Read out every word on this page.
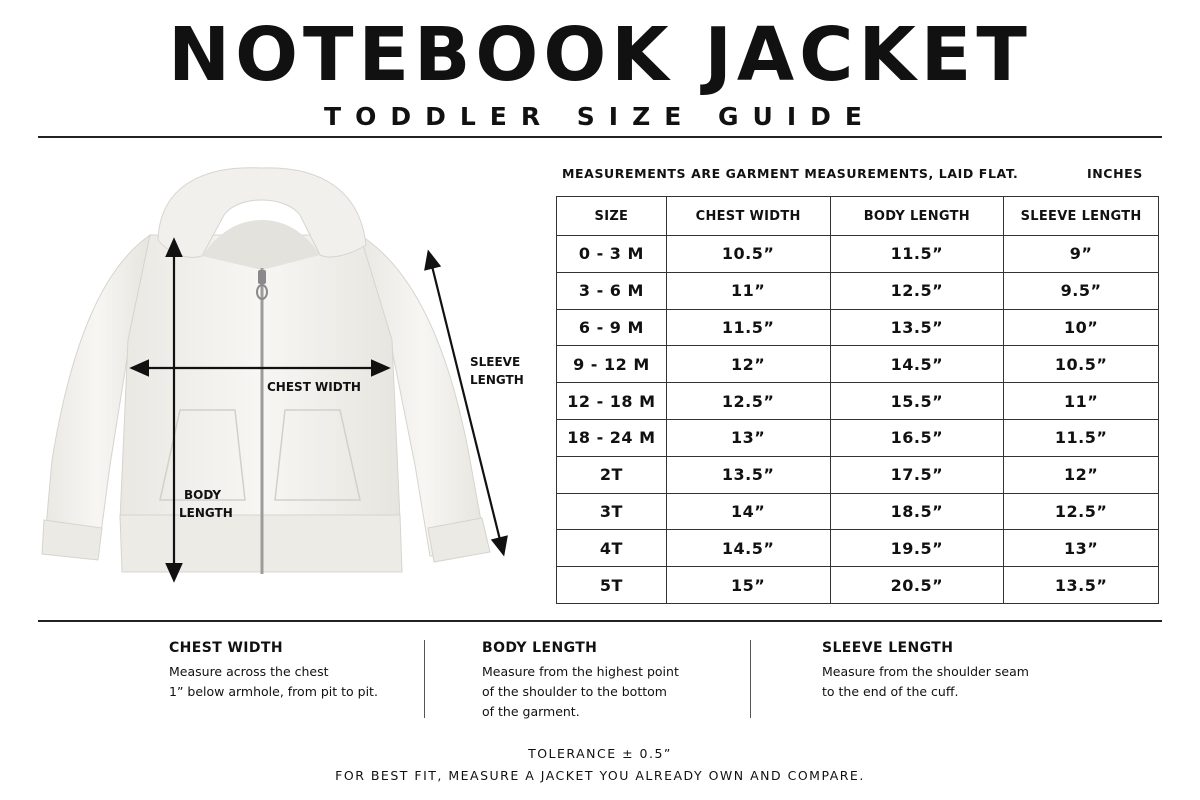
NOTEBOOK JACKET
TODDLER SIZE GUIDE
CHEST WIDTH
SLEEVE
LENGTH
BODY
LENGTH
MEASUREMENTS ARE GARMENT MEASUREMENTS, LAID FLAT.	INCHES
SIZE	CHEST WIDTH	BODY LENGTH	SLEEVE LENGTH
0 - 3 M	10.5”	11.5”	9”
3 - 6 M	11”	12.5”	9.5”
6 - 9 M	11.5”	13.5”	10”
9 - 12 M	12”	14.5”	10.5”
12 - 18 M	12.5”	15.5”	11”
18 - 24 M	13”	16.5”	11.5”
2T	13.5”	17.5”	12”
3T	14”	18.5”	12.5”
4T	14.5”	19.5”	13”
5T	15”	20.5”	13.5”
CHEST WIDTH

Measure across the chest

1” below armhole, from pit to pit.

BODY LENGTH

Measure from the highest point

of the shoulder to the bottom

of the garment.

SLEEVE LENGTH

Measure from the shoulder seam

to the end of the cuff.

TOLERANCE ± 0.5”
FOR BEST FIT, MEASURE A JACKET YOU ALREADY OWN AND COMPARE.
